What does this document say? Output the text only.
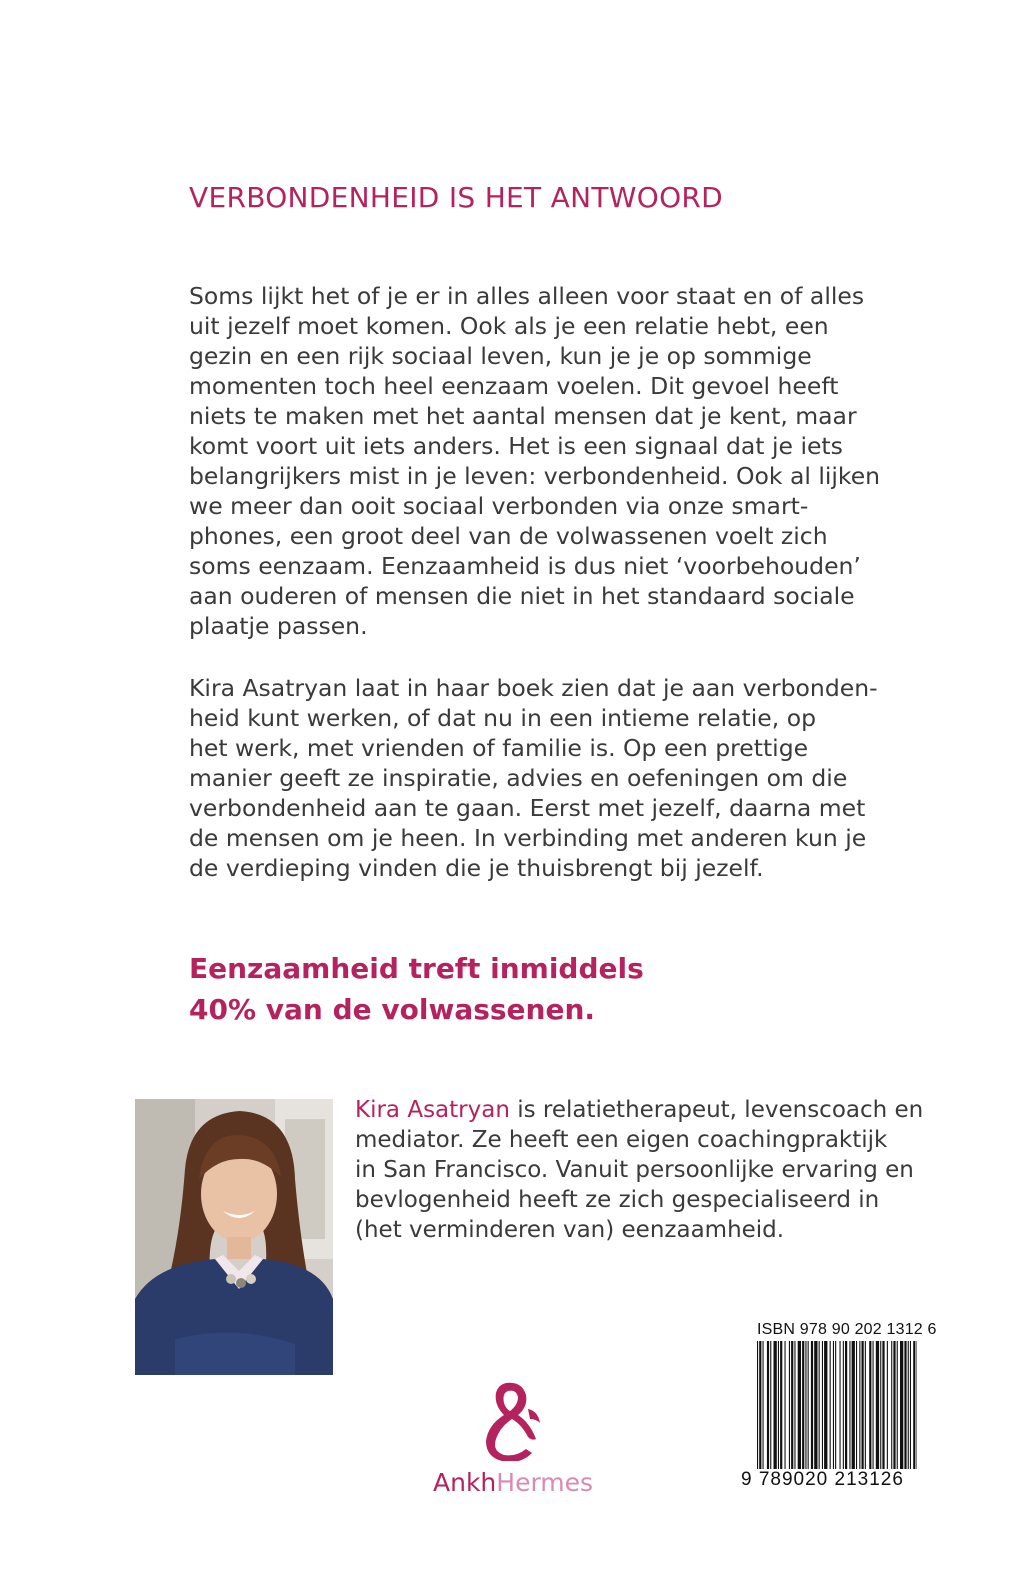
VERBONDENHEID IS HET ANTWOORD
Soms lijkt het of je er in alles alleen voor staat en of alles
uit jezelf moet komen. Ook als je een relatie hebt, een
gezin en een rijk sociaal leven, kun je je op sommige
momenten toch heel eenzaam voelen. Dit gevoel heeft
niets te maken met het aantal mensen dat je kent, maar
komt voort uit iets anders. Het is een signaal dat je iets
belangrijkers mist in je leven: verbondenheid. Ook al lijken
we meer dan ooit sociaal verbonden via onze smart-
phones, een groot deel van de volwassenen voelt zich
soms eenzaam. Eenzaamheid is dus niet ‘voorbehouden’
aan ouderen of mensen die niet in het standaard sociale
plaatje passen.
Kira Asatryan laat in haar boek zien dat je aan verbonden-
heid kunt werken, of dat nu in een intieme relatie, op
het werk, met vrienden of familie is. Op een prettige
manier geeft ze inspiratie, advies en oefeningen om die
verbondenheid aan te gaan. Eerst met jezelf, daarna met
de mensen om je heen. In verbinding met anderen kun je
de verdieping vinden die je thuisbrengt bij jezelf.
Eenzaamheid treft inmiddels
40% van de volwassenen.
Kira Asatryan is relatietherapeut, levenscoach en
mediator. Ze heeft een eigen coachingpraktijk
in San Francisco. Vanuit persoonlijke ervaring en
bevlogenheid heeft ze zich gespecialiseerd in
(het verminderen van) eenzaamheid.
ISBN 978 90 202 1312 6
9 789020 213126
AnkhHermes
